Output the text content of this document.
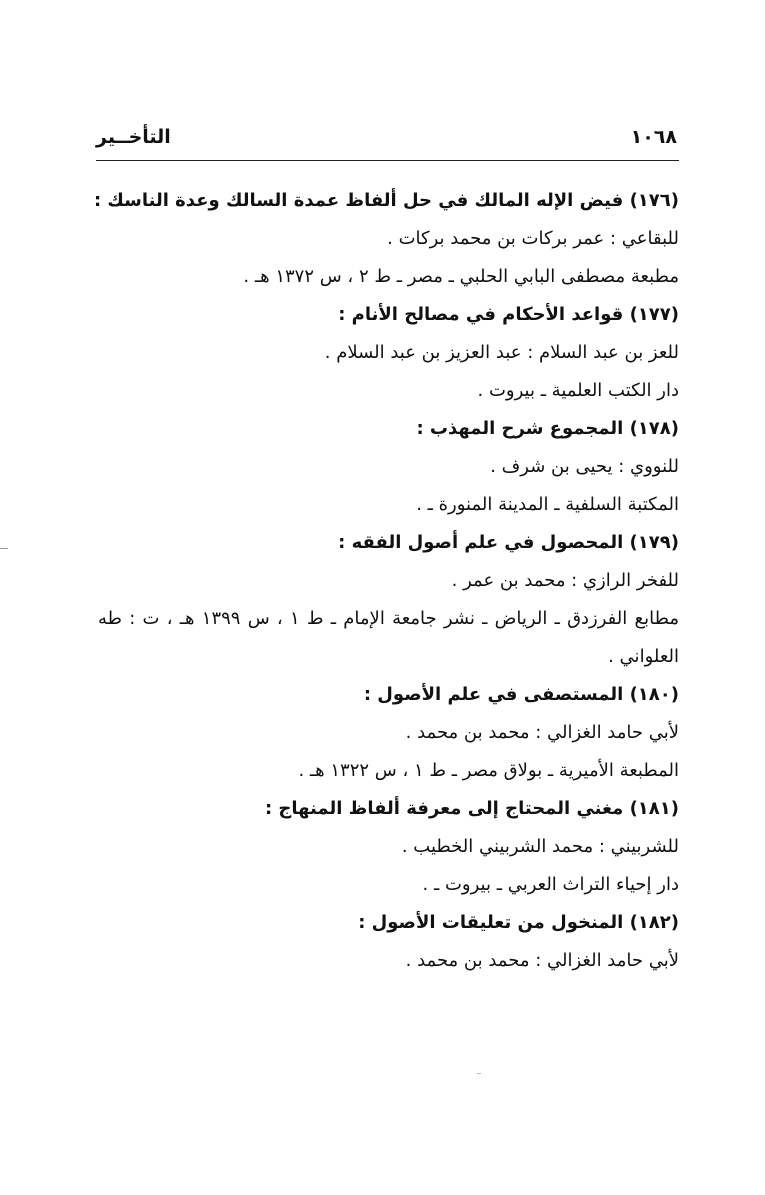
١٠٦٨
التأخــير
(١٧٦) فيض الإله المالك في حل ألفاظ عمدة السالك وعدة الناسك :
للبقاعي : عمر بركات بن محمد بركات .
مطبعة مصطفى البابي الحلبي ـ مصر ـ ط ٢ ، س ١٣٧٢ هـ .
(١٧٧) قواعد الأحكام في مصالح الأنام :
للعز بن عبد السلام : عبد العزيز بن عبد السلام .
دار الكتب العلمية ـ بيروت .
(١٧٨) المجموع شرح المهذب :
للنووي : يحيى بن شرف .
المكتبة السلفية ـ المدينة المنورة ـ .
(١٧٩) المحصول في علم أصول الفقه :
للفخر الرازي : محمد بن عمر .
مطابع الفرزدق ـ الرياض ـ نشر جامعة الإمام ـ ط ١ ، س ١٣٩٩ هـ ، ت : طه العلواني .
(١٨٠) المستصفى في علم الأصول :
لأبي حامد الغزالي : محمد بن محمد .
المطبعة الأميرية ـ بولاق مصر ـ ط ١ ، س ١٣٢٢ هـ .
(١٨١) مغني المحتاج إلى معرفة ألفاظ المنهاج :
للشربيني : محمد الشربيني الخطيب .
دار إحياء التراث العربي ـ بيروت ـ .
(١٨٢) المنخول من تعليقات الأصول :
لأبي حامد الغزالي : محمد بن محمد .
